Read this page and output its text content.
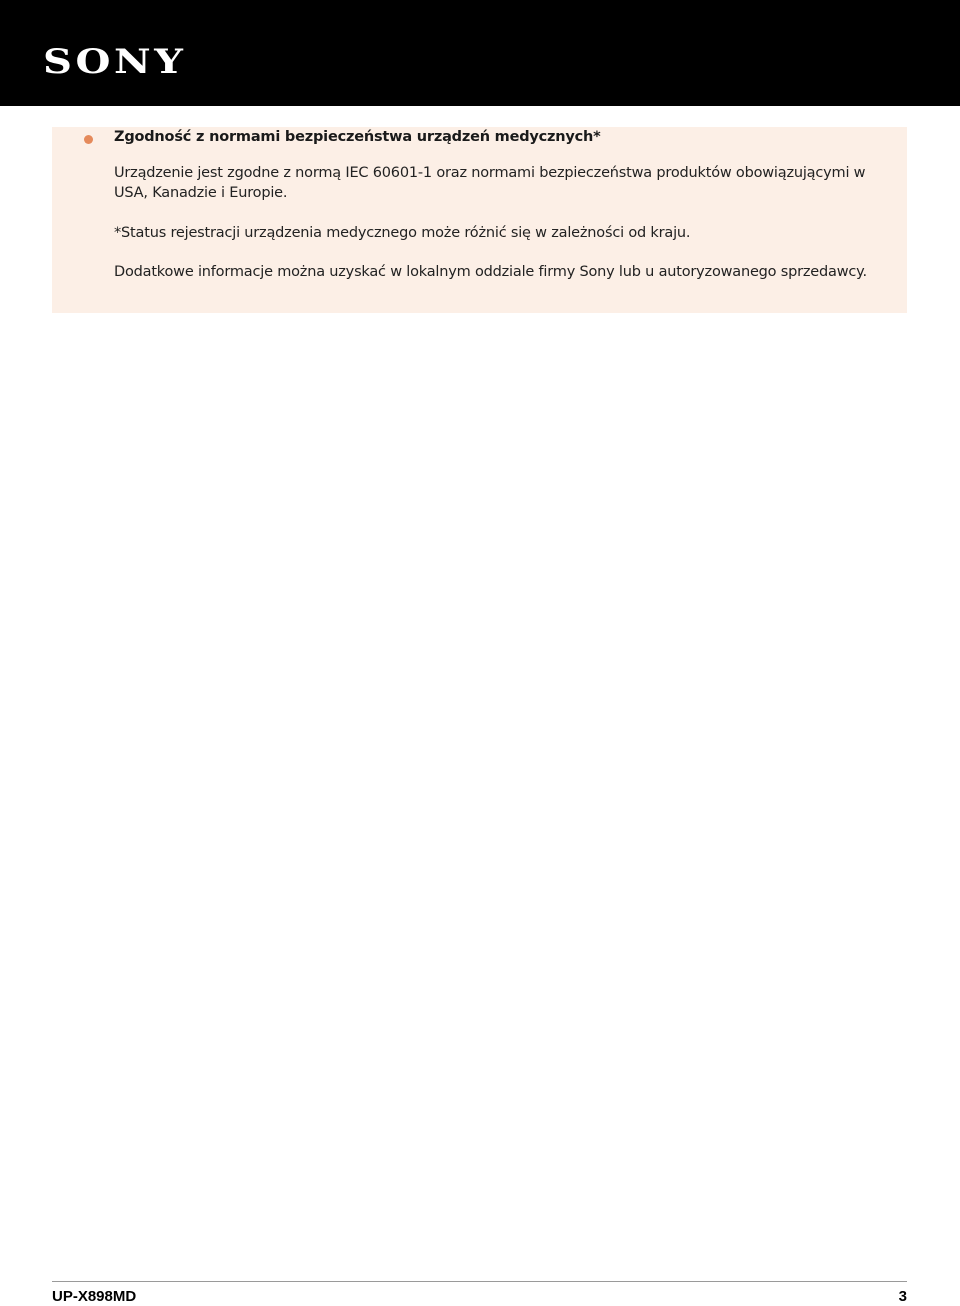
SONY
Zgodność z normami bezpieczeństwa urządzeń medycznych*
Urządzenie jest zgodne z normą IEC 60601-1 oraz normami bezpieczeństwa produktów obowiązującymi w USA, Kanadzie i Europie.
*Status rejestracji urządzenia medycznego może różnić się w zależności od kraju.
Dodatkowe informacje można uzyskać w lokalnym oddziale firmy Sony lub u autoryzowanego sprzedawcy.
UP-X898MD	3
